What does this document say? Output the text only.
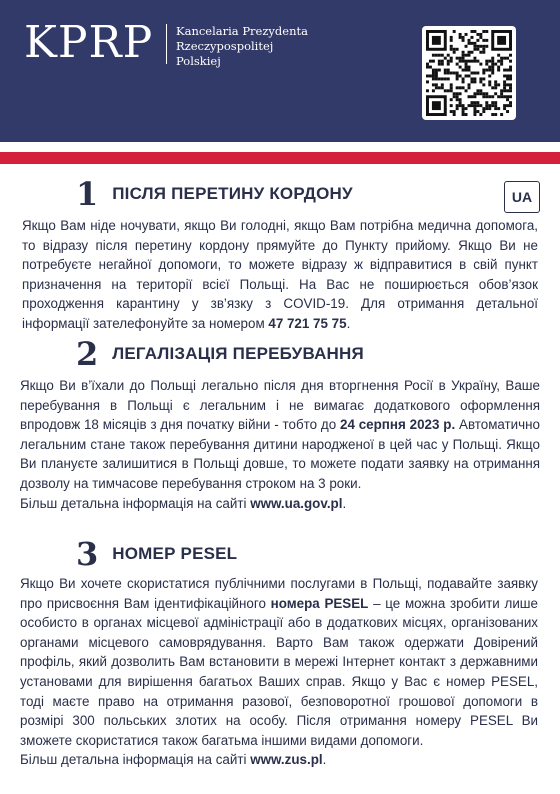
KPRP Kancelaria Prezydenta
Rzeczypospolitej
Polskiej
UA
1 ПІСЛЯ ПЕРЕТИНУ КОРДОНУ
Якщо Вам ніде ночувати, якщо Ви голодні, якщо Вам потрібна медична допомога, то відразу після перетину кордону прямуйте до Пункту прийому. Якщо Ви не потребуєте негайної допомоги, то можете відразу ж відправитися в свій пункт призначення на території всієї Польщі. На Вас не поширюється обов’язок проходження карантину у зв’язку з COVID-19. Для отримання детальної інформації зателефонуйте за номером 47 721 75 75.
2 ЛЕГАЛІЗАЦІЯ ПЕРЕБУВАННЯ
Якщо Ви в’їхали до Польщі легально після дня вторгнення Росії в Україну, Ваше перебування в Польщі є легальним і не вимагає додаткового оформлення впродовж 18 місяців з дня початку війни - тобто до 24 серпня 2023 р. Автоматично легальним стане також перебування дитини народженої в цей час у Польщі. Якщо Ви плануєте залишитися в Польщі довше, то можете подати заявку на отримання дозволу на тимчасове перебування строком на 3 роки.
Більш детальна інформація на сайті www.ua.gov.pl.
3 НОМЕР PESEL
Якщо Ви хочете скористатися публічними послугами в Польщі, подавайте заявку про присвоєння Вам ідентифікаційного номера PESEL – це можна зробити лише особисто в органах місцевої адміністрації або в додаткових місцях, організованих органами місцевого самоврядування. Варто Вам також одержати Довірений профіль, який дозволить Вам встановити в мережі Інтернет контакт з державними установами для вирішення багатьох Ваших справ. Якщо у Вас є номер PESEL, тоді маєте право на отримання разової, безповоротної грошової допомоги в розмірі 300 польських злотих на особу. Після отримання номеру PESEL Ви зможете скористатися також багатьма іншими видами допомоги.
Більш детальна інформація на сайті www.zus.pl.
